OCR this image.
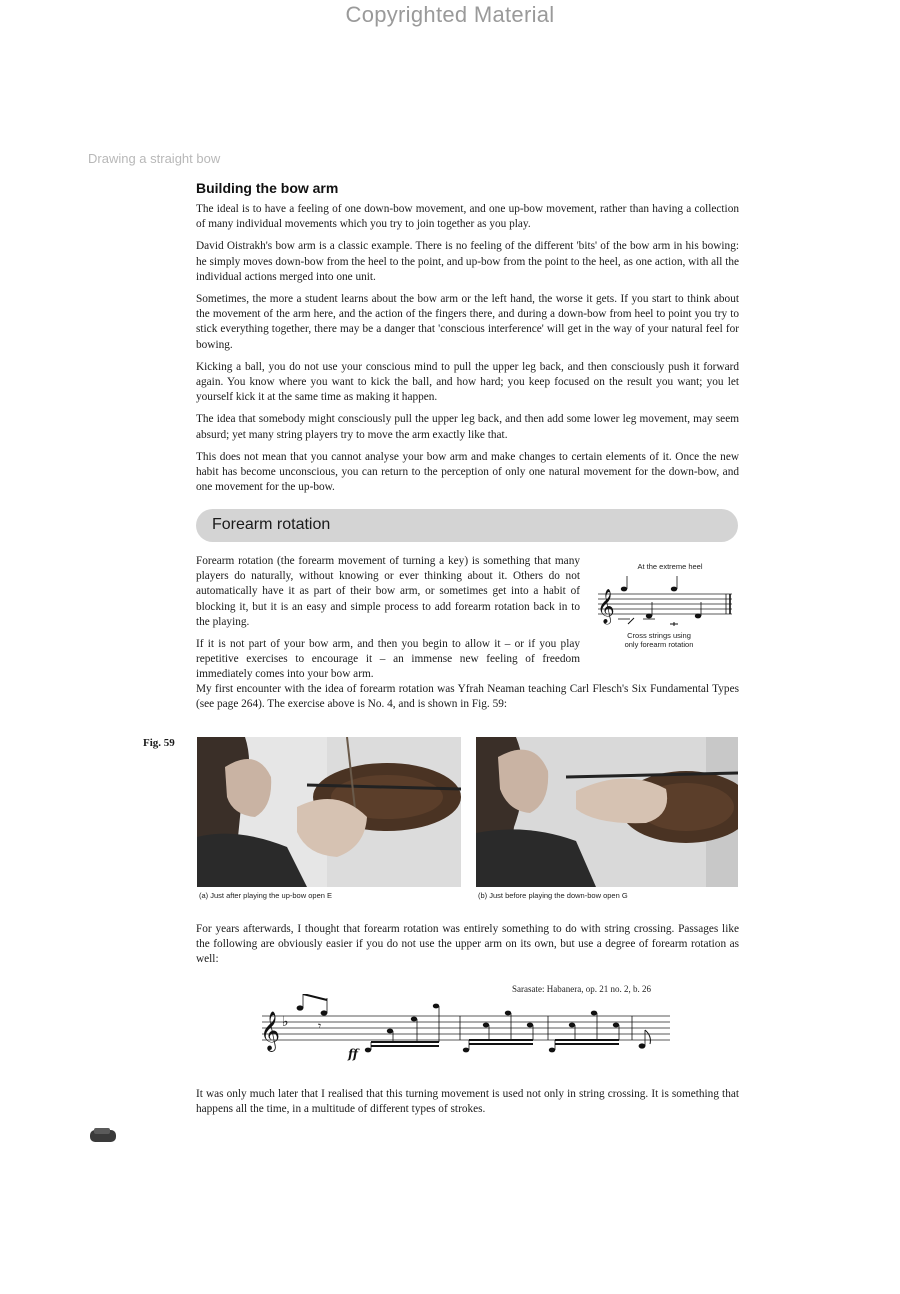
Copyrighted Material
Drawing a straight bow
Building the bow arm

The ideal is to have a feeling of one down-bow movement, and one up-bow movement, rather than having a collection of many individual movements which you try to join together as you play.

David Oistrakh's bow arm is a classic example. There is no feeling of the different 'bits' of the bow arm in his bowing: he simply moves down-bow from the heel to the point, and up-bow from the point to the heel, as one action, with all the individual actions merged into one unit.

Sometimes, the more a student learns about the bow arm or the left hand, the worse it gets. If you start to think about the movement of the arm here, and the action of the fingers there, and during a down-bow from heel to point you try to stick everything together, there may be a danger that 'conscious interference' will get in the way of your natural feel for bowing.

Kicking a ball, you do not use your conscious mind to pull the upper leg back, and then consciously push it forward again. You know where you want to kick the ball, and how hard; you keep focused on the result you want; you let yourself kick it at the same time as making it happen.

The idea that somebody might consciously pull the upper leg back, and then add some lower leg movement, may seem absurd; yet many string players try to move the arm exactly like that.

This does not mean that you cannot analyse your bow arm and make changes to certain elements of it. Once the new habit has become unconscious, you can return to the perception of only one natural movement for the down-bow, and one movement for the up-bow.

Forearm rotation

Forearm rotation (the forearm movement of turning a key) is something that many players do naturally, without knowing or ever thinking about it. Others do not automatically have it as part of their bow arm, or sometimes get into a habit of blocking it, but it is an easy and simple process to add forearm rotation back in to the playing.

If it is not part of your bow arm, and then you begin to allow it – or if you play repetitive exercises to encourage it – an immense new feeling of freedom immediately comes into your bow arm.

At the extreme heel
𝄞
Cross strings using
only forearm rotation
My first encounter with the idea of forearm rotation was Yfrah Neaman teaching Carl Flesch's Six Fundamental Types (see page 264). The exercise above is No. 4, and is shown in Fig. 59:
Fig. 59
(a) Just after playing the up-bow open E	(b) Just before playing the down-bow open G
For years afterwards, I thought that forearm rotation was entirely something to do with string crossing. Passages like the following are obviously easier if you do not use the upper arm on its own, but use a degree of forearm rotation as well:
Sarasate: Habanera, op. 21 no. 2, b. 26
𝄞 ♭ 𝄾
ff
It was only much later that I realised that this turning movement is used not only in string crossing. It is something that happens all the time, in a multitude of different types of strokes.
